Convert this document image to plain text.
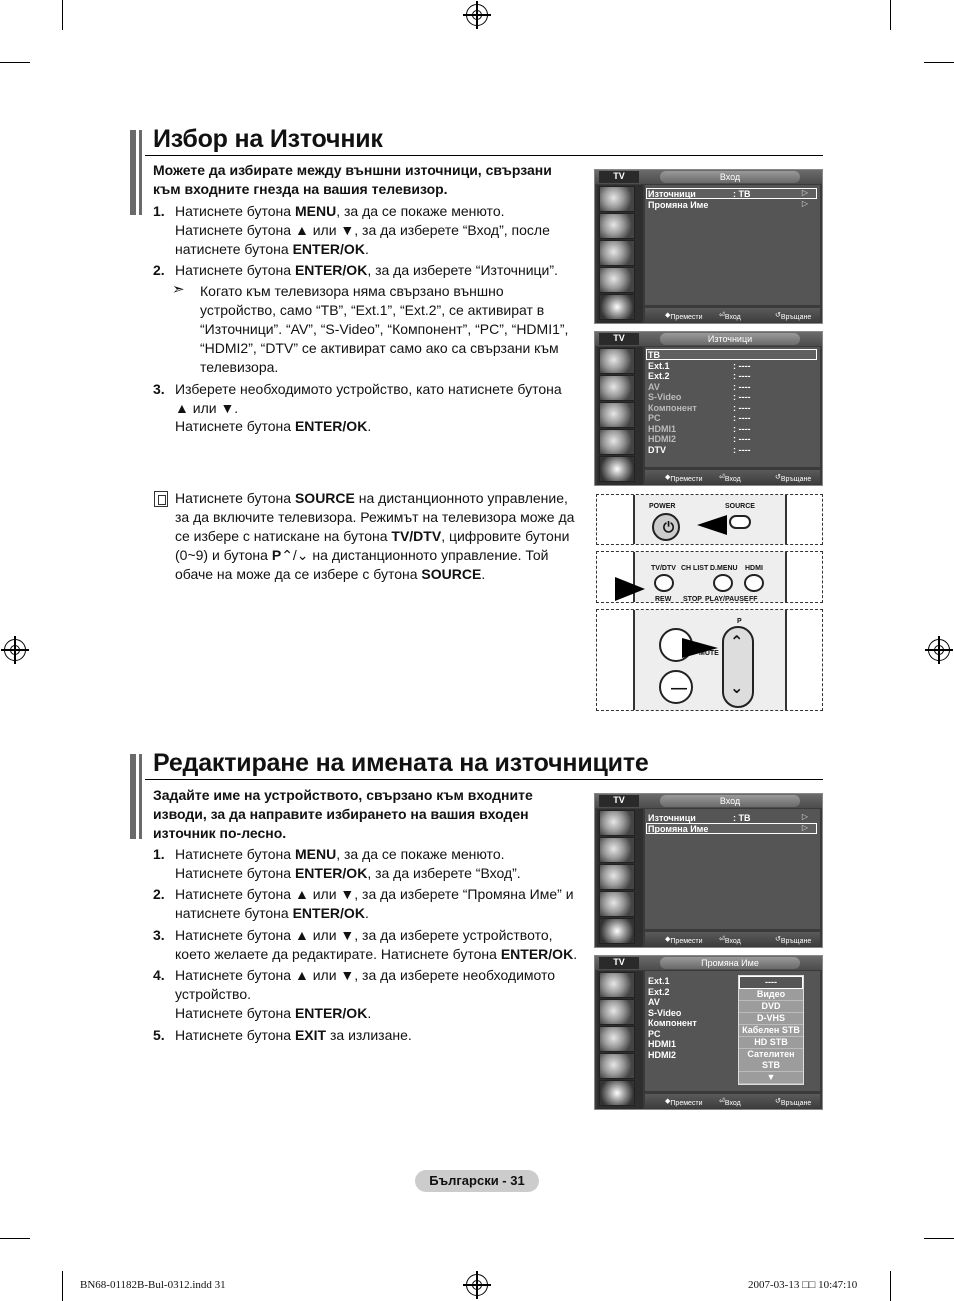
Избор на Източник
Можете да избирате между външни източници, свързани
към входните гнезда на вашия телевизор.
1. Натиснете бутона MENU, за да се покаже менюто.
Натиснете бутона ▲ или ▼, за да изберете “Вход”, после
натиснете бутона ENTER/OK.
2. Натиснете бутона ENTER/OK, за да изберете “Източници”.
➣ Когато към телевизора няма свързано външно
устройство, само “ТВ”, “Ext.1”, “Ext.2”, се активират в
“Източници”. “AV”, “S-Video”, “Компонент”, “PC”, “HDMI1”,
“HDMI2”, “DTV” се активират само ако са свързани към
телевизора.
3. Изберете необходимото устройство, като натиснете бутона
▲ или ▼.
Натиснете бутона ENTER/OK.
Натиснете бутона SOURCE на дистанционното управление,
за да включите телевизора. Режимът на телевизора може да
се избере с натискане на бутона TV/DTV, цифровите бутони
(0~9) и бутона P⌃/⌄ на дистанционното управление. Той
обаче на може да се избере с бутона SOURCE.
TV	Вход
Източници	: ТВ	▷
Промяна Име	▷
◆ Премести ⏎ Вход	↺ Връщане
TV	Източници
ТВ
Ext.1	: ----
Ext.2	: ----
AV	: ----
S-Video	: ----
Компонент	: ----
PC	: ----
HDMI1	: ----
HDMI2	: ----
DTV	: ----
◆ Премести ⏎ Вход	↺ Връщане
POWER
⏻
SOURCE
TV/DTV CH LIST D.MENU HDMI
REW STOP PLAY/PAUSE FF
—
P
⌃
⌄
MUTE
Редактиране на имената на източниците
Задайте име на устройството, свързано към входните
изводи, за да направите избирането на вашия входен
източник по-лесно.
1. Натиснете бутона MENU, за да се покаже менюто.
Натиснете бутона ENTER/OK, за да изберете “Вход”.
2. Натиснете бутона ▲ или ▼, за да изберете “Промяна Име” и
натиснете бутона ENTER/OK.
3. Натиснете бутона ▲ или ▼, за да изберете устройството,
което желаете да редактирате. Натиснете бутона ENTER/OK.
4. Натиснете бутона ▲ или ▼, за да изберете необходимото
устройство.
Натиснете бутона ENTER/OK.
5. Натиснете бутона EXIT за излизане.
TV	Вход
Източници	: ТВ	▷
Промяна Име	▷
◆ Премести ⏎ Вход	↺ Връщане
TV	Промяна Име
Ext.1
Ext.2
AV
S-Video
Компонент
PC
HDMI1
HDMI2
----
Видео
DVD
D-VHS
Кабелен STB
HD STB
Сателитен STB
▼
◆ Премести ⏎ Вход	↺ Връщане
Български - 31
BN68-01182B-Bul-0312.indd 31	2007-03-13 □□ 10:47:10
